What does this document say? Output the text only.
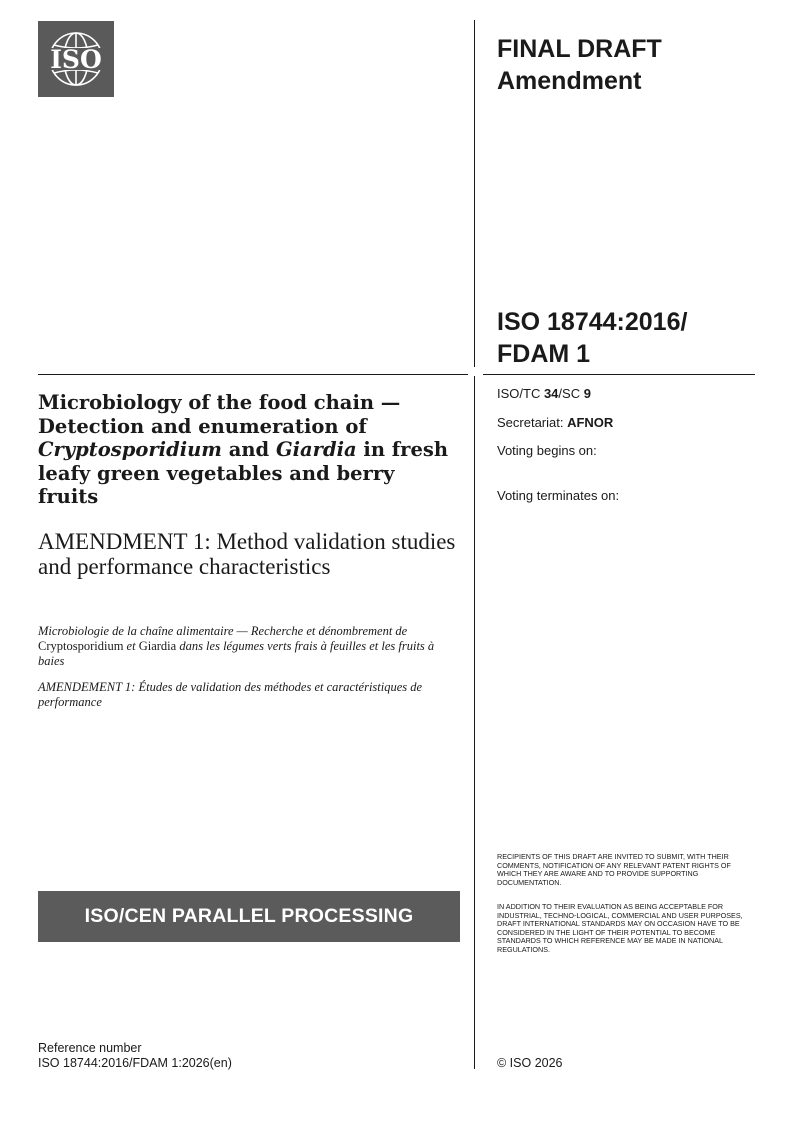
ISO	FINAL DRAFT
Amendment
ISO 18744:2016/
FDAM 1
ISO/TC 34/SC 9
Secretariat: AFNOR
Voting begins on:
Voting terminates on:
Microbiology of the food chain — Detection and enumeration of Cryptosporidium and Giardia in fresh leafy green vegetables and berry fruits
AMENDMENT 1: Method validation studies and performance characteristics
Microbiologie de la chaîne alimentaire — Recherche et dénombrement de Cryptosporidium et Giardia dans les légumes verts frais à feuilles et les fruits à baies
AMENDEMENT 1: Études de validation des méthodes et caractéristiques de performance
ISO/CEN PARALLEL PROCESSING
RECIPIENTS OF THIS DRAFT ARE INVITED TO SUBMIT, WITH THEIR COMMENTS, NOTIFICATION OF ANY RELEVANT PATENT RIGHTS OF WHICH THEY ARE AWARE AND TO PROVIDE SUPPORTING DOCUMENTATION.
IN ADDITION TO THEIR EVALUATION AS BEING ACCEPTABLE FOR INDUSTRIAL, TECHNO-LOGICAL, COMMERCIAL AND USER PURPOSES, DRAFT INTERNATIONAL STANDARDS MAY ON OCCASION HAVE TO BE CONSIDERED IN THE LIGHT OF THEIR POTENTIAL TO BECOME STANDARDS TO WHICH REFERENCE MAY BE MADE IN NATIONAL REGULATIONS.
Reference number
ISO 18744:2016/FDAM 1:2026(en)	© ISO 2026
